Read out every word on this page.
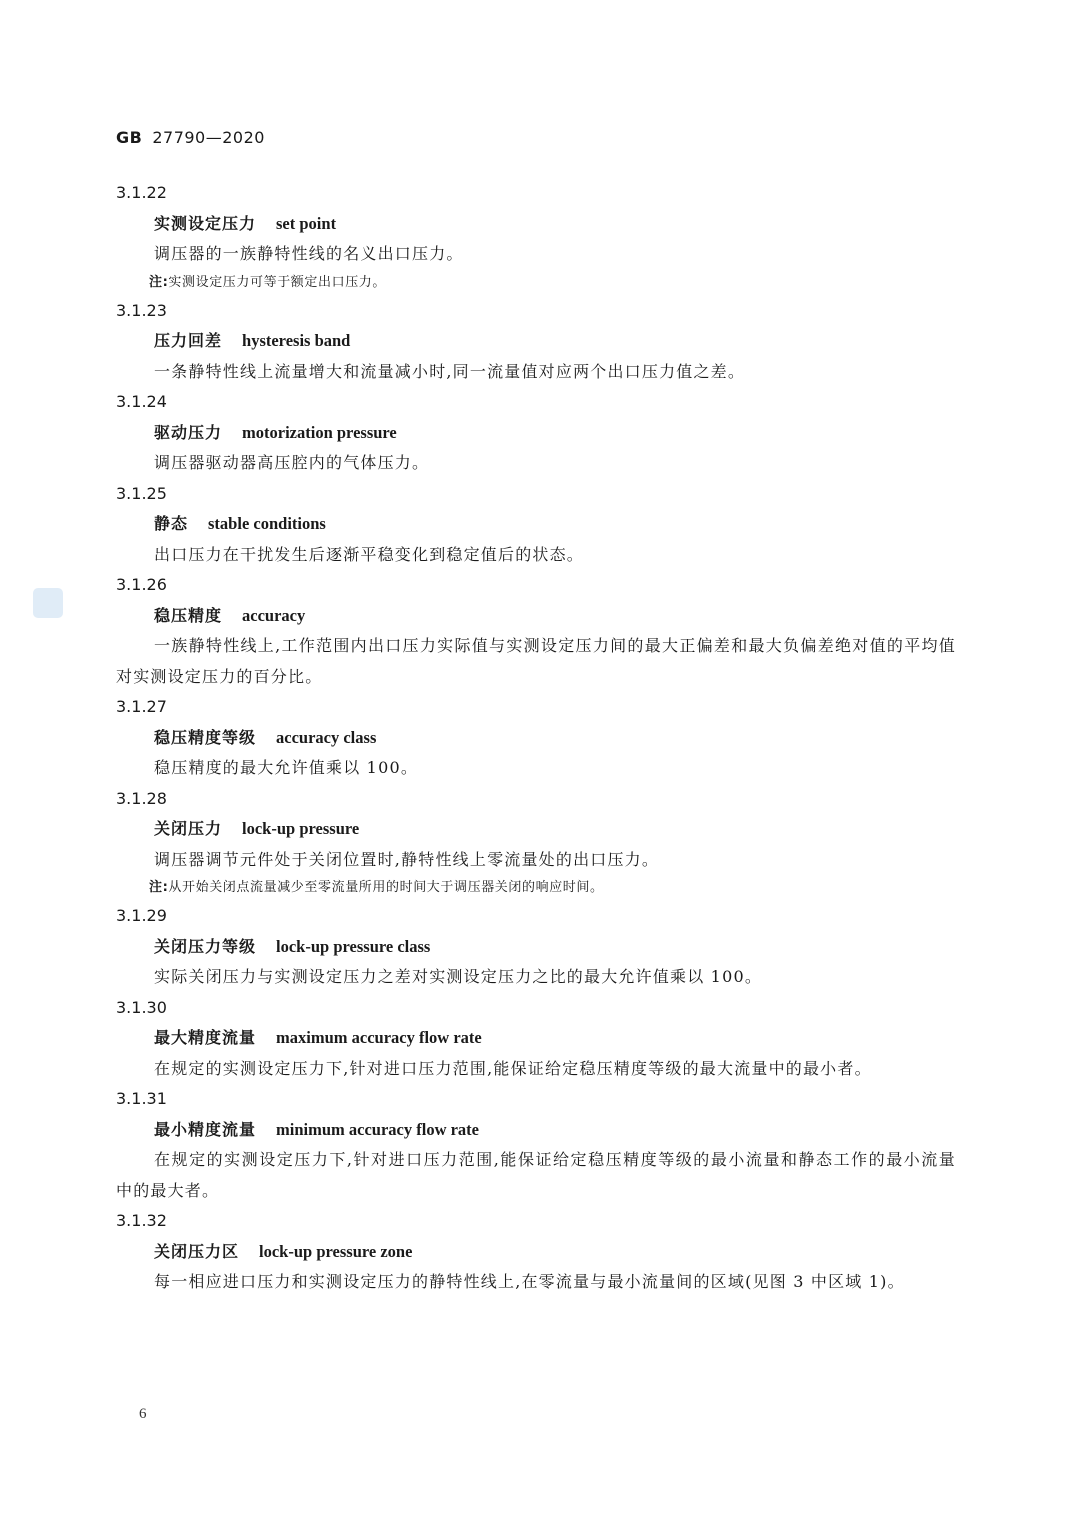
GB 27790—2020

3.1.22

实测设定压力 set point

调压器的一族静特性线的名义出口压力。

注:实测设定压力可等于额定出口压力。

3.1.23

压力回差 hysteresis band

一条静特性线上流量增大和流量减小时,同一流量值对应两个出口压力值之差。

3.1.24

驱动压力 motorization pressure

调压器驱动器高压腔内的气体压力。

3.1.25

静态 stable conditions

出口压力在干扰发生后逐渐平稳变化到稳定值后的状态。

3.1.26

稳压精度 accuracy

一族静特性线上,工作范围内出口压力实际值与实测设定压力间的最大正偏差和最大负偏差绝对值的平均值对实测设定压力的百分比。

3.1.27

稳压精度等级 accuracy class

稳压精度的最大允许值乘以 100。

3.1.28

关闭压力 lock-up pressure

调压器调节元件处于关闭位置时,静特性线上零流量处的出口压力。

注:从开始关闭点流量减少至零流量所用的时间大于调压器关闭的响应时间。

3.1.29

关闭压力等级 lock-up pressure class

实际关闭压力与实测设定压力之差对实测设定压力之比的最大允许值乘以 100。

3.1.30

最大精度流量 maximum accuracy flow rate

在规定的实测设定压力下,针对进口压力范围,能保证给定稳压精度等级的最大流量中的最小者。

3.1.31

最小精度流量 minimum accuracy flow rate

在规定的实测设定压力下,针对进口压力范围,能保证给定稳压精度等级的最小流量和静态工作的最小流量中的最大者。

3.1.32

关闭压力区 lock-up pressure zone

每一相应进口压力和实测设定压力的静特性线上,在零流量与最小流量间的区域(见图 3 中区域 1)。

6
